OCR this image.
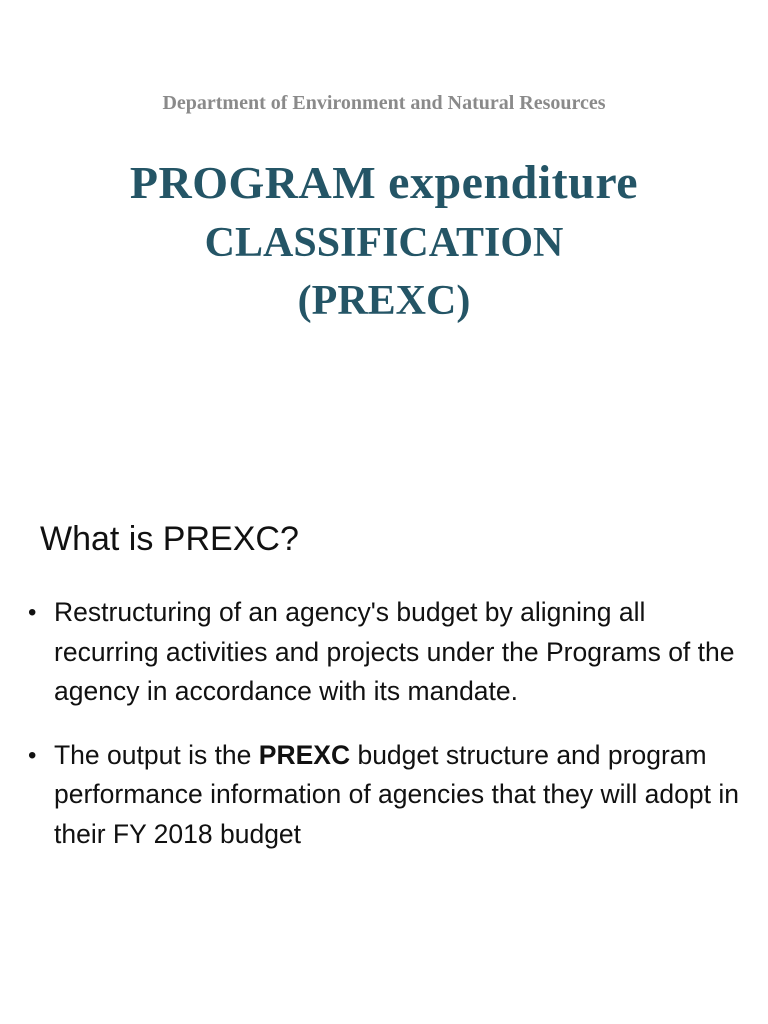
Department of Environment and Natural Resources
PROGRAM expenditure
CLASSIFICATION
(PREXC)
What is PREXC?
• Restructuring of an agency's budget by aligning all recurring activities and projects under the Programs of the agency in accordance with its mandate.
• The output is the PREXC budget structure and program performance information of agencies that they will adopt in their FY 2018 budget
